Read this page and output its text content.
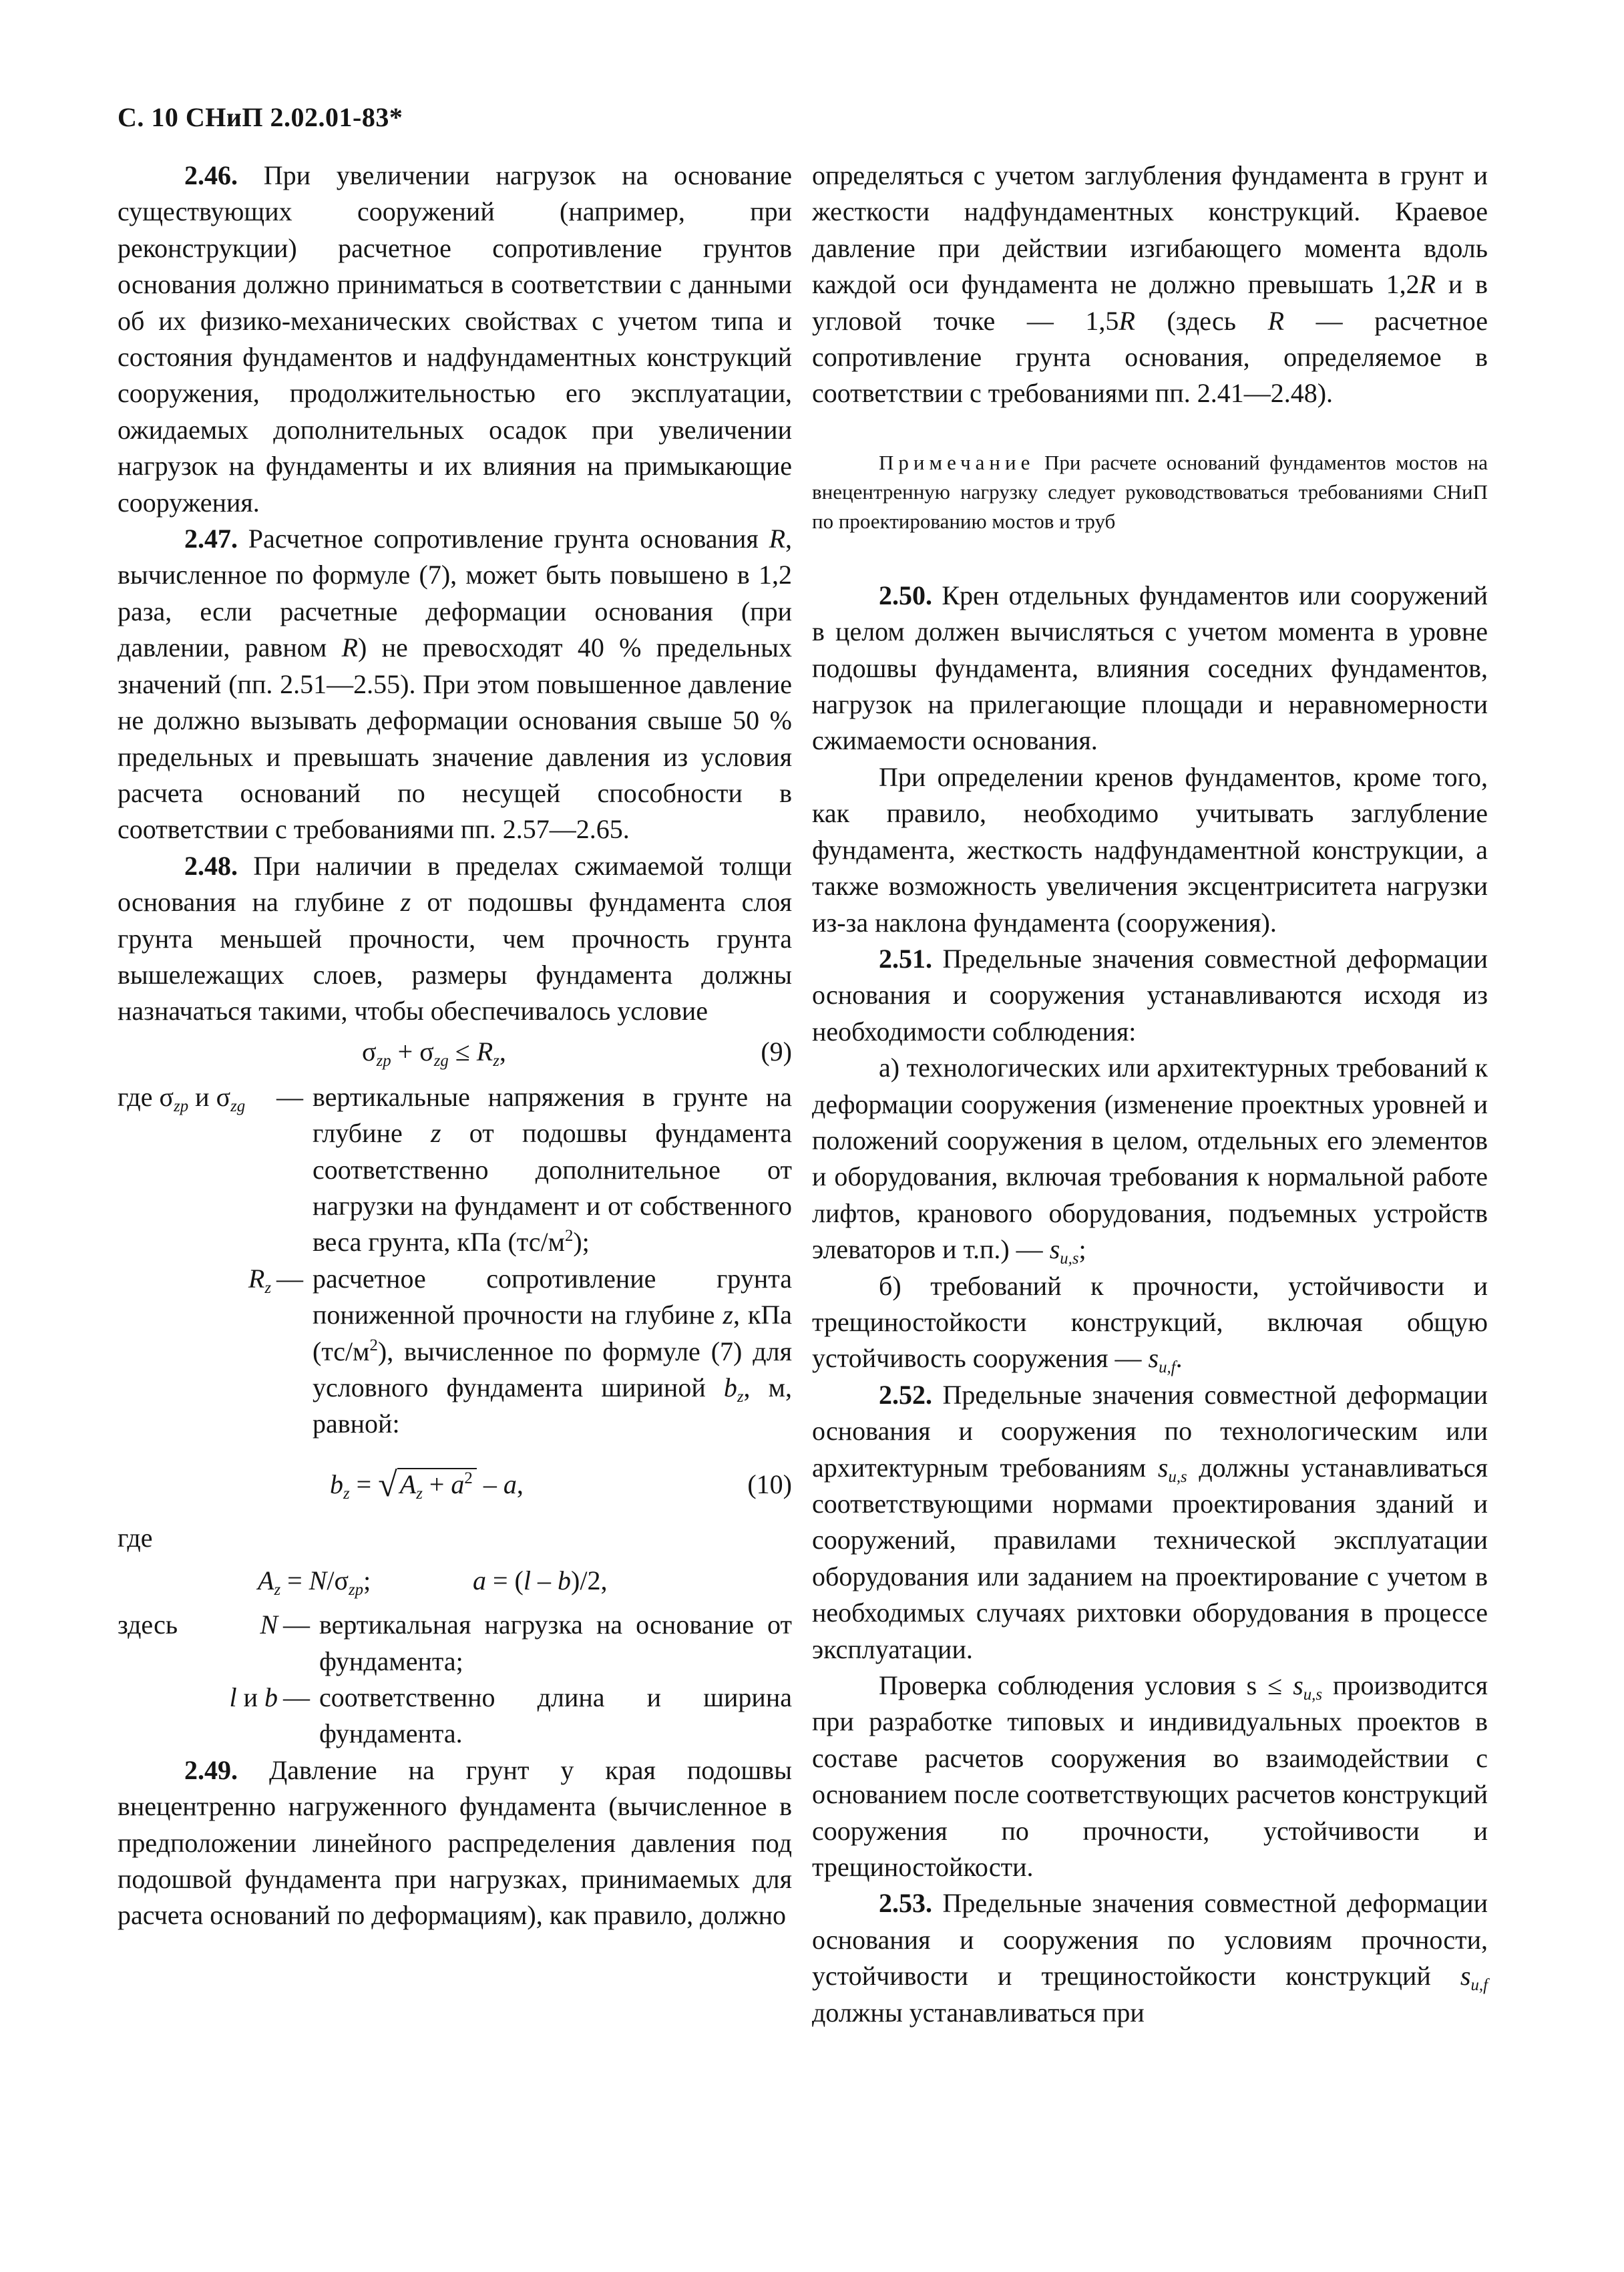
С. 10 СНиП 2.02.01-83*

2.46. При увеличении нагрузок на основание существующих сооружений (например, при реконструкции) расчетное сопротивление грунтов основания должно приниматься в соответствии с данными об их физико-механических свойствах с учетом типа и состояния фундаментов и надфундаментных конструкций сооружения, продолжительностью его эксплуатации, ожидаемых дополнительных осадок при увеличении нагрузок на фундаменты и их влияния на примыкающие сооружения.

2.47. Расчетное сопротивление грунта основания R, вычисленное по формуле (7), может быть повышено в 1,2 раза, если расчетные деформации основания (при давлении, равном R) не превосходят 40 % предельных значений (пп. 2.51—2.55). При этом повышенное давление не должно вызывать деформации основания свыше 50 % предельных и превышать значение давления из условия расчета оснований по несущей способности в соответствии с требованиями пп. 2.57—2.65.

2.48. При наличии в пределах сжимаемой толщи основания на глубине z от подошвы фундамента слоя грунта меньшей прочности, чем прочность грунта вышележащих слоев, размеры фундамента должны назначаться такими, чтобы обеспечивалось условие

$\sigma_{zp} + \sigma_{zg} \le R_z$,	(9)
где $\sigma_{zp}$ и $\sigma_{zg}$	—	вертикальные напряжения в грунте на глубине z от подошвы фундамента соответственно дополнительное от нагрузки на фундамент и от собственного веса грунта, кПа $(тс/м^2)$;
$R_z$	—	расчетное сопротивление грунта пониженной прочности на глубине z, кПа $(тс/м^2)$, вычисленное по формуле (7) для условного фундамента шириной $b_z$, м, равной:
$b_z$ = √ $A_z + a^2 - a$,	(10)
где
$A_z = N/\sigma_{zp}$;	a = (l – b)/2,
здесь	N	—	вертикальная нагрузка на основание от фундамента;
	l и b	—	соответственно длина и ширина фундамента.

2.49. Давление на грунт у края подошвы внецентренно нагруженного фундамента (вычисленное в предположении линейного распределения давления под подошвой фундамента при нагрузках, принимаемых для расчета оснований по деформациям), как правило, должно

определяться с учетом заглубления фундамента в грунт и жесткости надфундаментных конструкций. Краевое давление при действии изгибающего момента вдоль каждой оси фундамента не должно превышать 1,2R и в угловой точке — 1,5R (здесь R — расчетное сопротивление грунта основания, определяемое в соответствии с требованиями пп. 2.41—2.48).

Примечание При расчете оснований фундаментов мостов на внецентренную нагрузку следует руководствоваться требованиями СНиП по проектированию мостов и труб

2.50. Крен отдельных фундаментов или сооружений в целом должен вычисляться с учетом момента в уровне подошвы фундамента, влияния соседних фундаментов, нагрузок на прилегающие площади и неравномерности сжимаемости основания.

При определении кренов фундаментов, кроме того, как правило, необходимо учитывать заглубление фундамента, жесткость надфундаментной конструкции, а также возможность увеличения эксцентриситета нагрузки из-за наклона фундамента (сооружения).

2.51. Предельные значения совместной деформации основания и сооружения устанавливаются исходя из необходимости соблюдения:

а) технологических или архитектурных требований к деформации сооружения (изменение проектных уровней и положений сооружения в целом, отдельных его элементов и оборудования, включая требования к нормальной работе лифтов, кранового оборудования, подъемных устройств элеваторов и т.п.) — $s_{u,s}$;

б) требований к прочности, устойчивости и трещиностойкости конструкций, включая общую устойчивость сооружения — $s_{u,f}$.

2.52. Предельные значения совместной деформации основания и сооружения по технологическим или архитектурным требованиям $s_{u,s}$ должны устанавливаться соответствующими нормами проектирования зданий и сооружений, правилами технической эксплуатации оборудования или заданием на проектирование с учетом в необходимых случаях рихтовки оборудования в процессе эксплуатации.

Проверка соблюдения условия $s \le s_{u,s}$ производится при разработке типовых и индивидуальных проектов в составе расчетов сооружения во взаимодействии с основанием после соответствующих расчетов конструкций сооружения по прочности, устойчивости и трещиностойкости.

2.53. Предельные значения совместной деформации основания и сооружения по условиям прочности, устойчивости и трещиностойкости конструкций $s_{u,f}$ должны устанавливаться при
